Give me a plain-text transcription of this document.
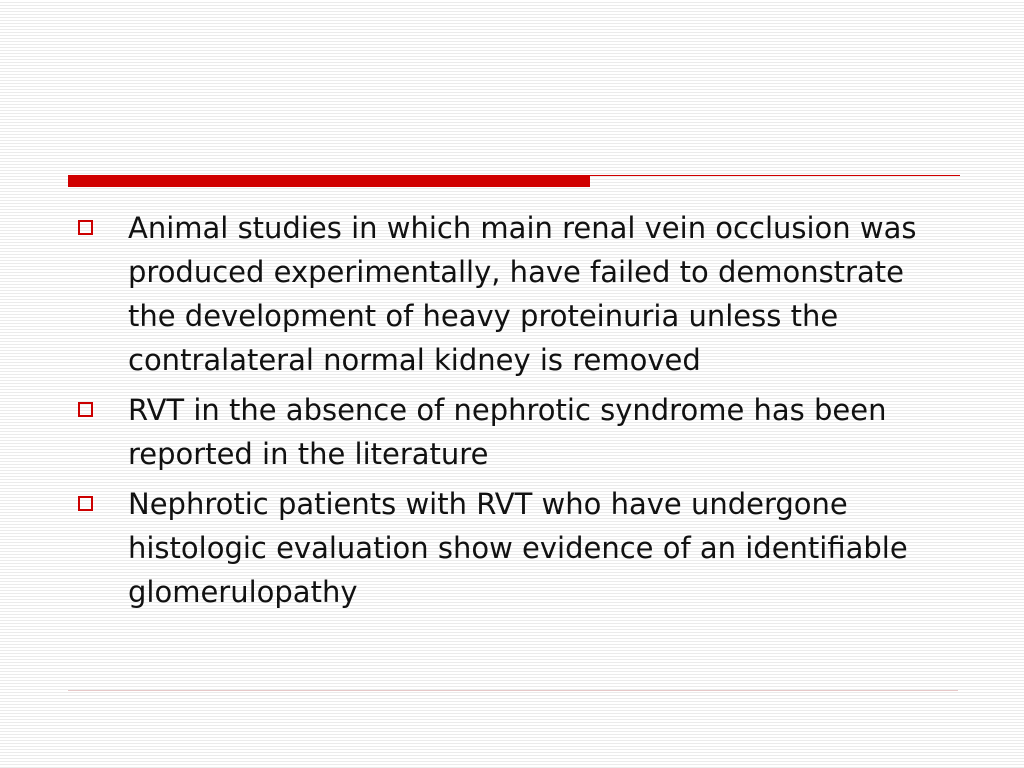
Animal studies in which main renal vein occlusion was produced experimentally, have failed to demonstrate the development of heavy proteinuria unless the contralateral normal kidney is removed
RVT in the absence of nephrotic syndrome has been reported in the literature
Nephrotic patients with RVT who have undergone histologic evaluation show evidence of an identifiable glomerulopathy
